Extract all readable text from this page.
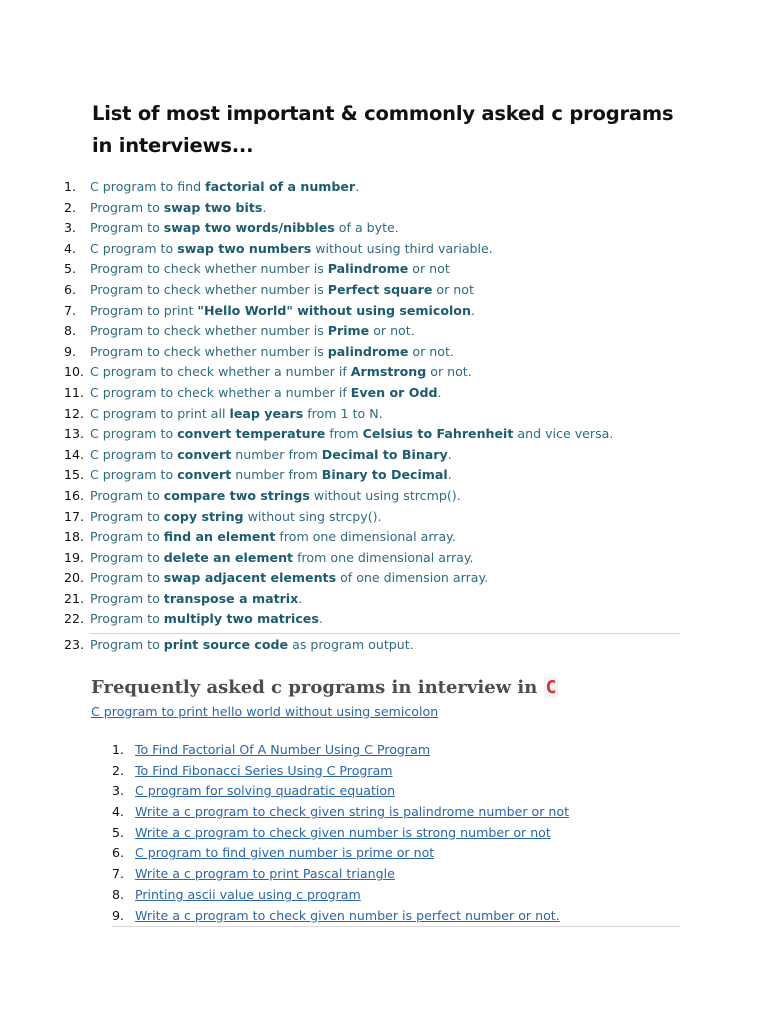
List of most important & commonly asked c programs in interviews...
1. C program to find factorial of a number.
2. Program to swap two bits.
3. Program to swap two words/nibbles of a byte.
4. C program to swap two numbers without using third variable.
5. Program to check whether number is Palindrome or not
6. Program to check whether number is Perfect square or not
7. Program to print "Hello World" without using semicolon.
8. Program to check whether number is Prime or not.
9. Program to check whether number is palindrome or not.
10. C program to check whether a number if Armstrong or not.
11. C program to check whether a number if Even or Odd.
12. C program to print all leap years from 1 to N.
13. C program to convert temperature from Celsius to Fahrenheit and vice versa.
14. C program to convert number from Decimal to Binary.
15. C program to convert number from Binary to Decimal.
16. Program to compare two strings without using strcmp().
17. Program to copy string without sing strcpy().
18. Program to find an element from one dimensional array.
19. Program to delete an element from one dimensional array.
20. Program to swap adjacent elements of one dimension array.
21. Program to transpose a matrix.
22. Program to multiply two matrices.
23. Program to print source code as program output.
Frequently asked c programs in interview in C
C program to print hello world without using semicolon
1. To Find Factorial Of A Number Using C Program
2. To Find Fibonacci Series Using C Program
3. C program for solving quadratic equation
4. Write a c program to check given string is palindrome number or not
5. Write a c program to check given number is strong number or not
6. C program to find given number is prime or not
7. Write a c program to print Pascal triangle
8. Printing ascii value using c program
9. Write a c program to check given number is perfect number or not.
